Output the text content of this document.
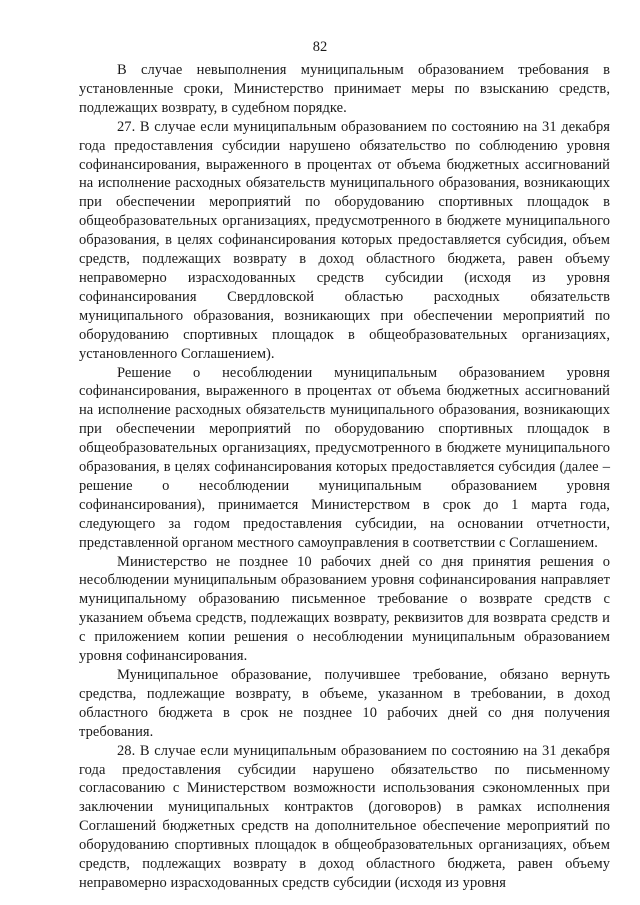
82

В случае невыполнения муниципальным образованием требования в установленные сроки, Министерство принимает меры по взысканию средств, подлежащих возврату, в судебном порядке.

27. В случае если муниципальным образованием по состоянию на 31 декабря года предоставления субсидии нарушено обязательство по соблюдению уровня софинансирования, выраженного в процентах от объема бюджетных ассигнований на исполнение расходных обязательств муниципального образования, возникающих при обеспечении мероприятий по оборудованию спортивных площадок в общеобразовательных организациях, предусмотренного в бюджете муниципального образования, в целях софинансирования которых предоставляется субсидия, объем средств, подлежащих возврату в доход областного бюджета, равен объему неправомерно израсходованных средств субсидии (исходя из уровня софинансирования Свердловской областью расходных обязательств муниципального образования, возникающих при обеспечении мероприятий по оборудованию спортивных площадок в общеобразовательных организациях, установленного Соглашением).

Решение о несоблюдении муниципальным образованием уровня софинансирования, выраженного в процентах от объема бюджетных ассигнований на исполнение расходных обязательств муниципального образования, возникающих при обеспечении мероприятий по оборудованию спортивных площадок в общеобразовательных организациях, предусмотренного в бюджете муниципального образования, в целях софинансирования которых предоставляется субсидия (далее – решение о несоблюдении муниципальным образованием уровня софинансирования), принимается Министерством в срок до 1 марта года, следующего за годом предоставления субсидии, на основании отчетности, представленной органом местного самоуправления в соответствии с Соглашением.

Министерство не позднее 10 рабочих дней со дня принятия решения о несоблюдении муниципальным образованием уровня софинансирования направляет муниципальному образованию письменное требование о возврате средств с указанием объема средств, подлежащих возврату, реквизитов для возврата средств и с приложением копии решения о несоблюдении муниципальным образованием уровня софинансирования.

Муниципальное образование, получившее требование, обязано вернуть средства, подлежащие возврату, в объеме, указанном в требовании, в доход областного бюджета в срок не позднее 10 рабочих дней со дня получения требования.

28. В случае если муниципальным образованием по состоянию на 31 декабря года предоставления субсидии нарушено обязательство по письменному согласованию с Министерством возможности использования сэкономленных при заключении муниципальных контрактов (договоров) в рамках исполнения Соглашений бюджетных средств на дополнительное обеспечение мероприятий по оборудованию спортивных площадок в общеобразовательных организациях, объем средств, подлежащих возврату в доход областного бюджета, равен объему неправомерно израсходованных средств субсидии (исходя из уровня
